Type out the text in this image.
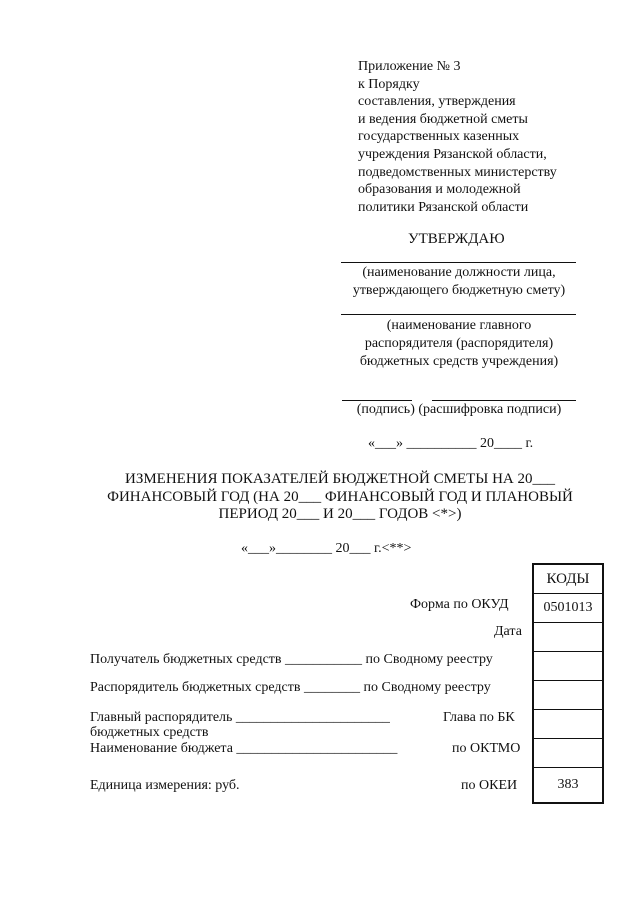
Приложение № 3
к Порядку
составления, утверждения
и ведения бюджетной сметы
государственных казенных
учреждения Рязанской области,
подведомственных министерству
образования и молодежной
политики Рязанской области
УТВЕРЖДАЮ
(наименование должности лица,
утверждающего бюджетную смету)
(наименование главного
распорядителя (распорядителя)
бюджетных средств учреждения)
(подпись) (расшифровка подписи)
«___» __________ 20____ г.
ИЗМЕНЕНИЯ ПОКАЗАТЕЛЕЙ БЮДЖЕТНОЙ СМЕТЫ НА 20___
ФИНАНСОВЫЙ ГОД (НА 20___ ФИНАНСОВЫЙ ГОД И ПЛАНОВЫЙ
ПЕРИОД 20___ И 20___ ГОДОВ <*>)
«___»________ 20___ г.<**>
КОДЫ
0501013
383
Форма по ОКУД
Дата
Получатель бюджетных средств ___________ по Сводному реестру
Распорядитель бюджетных средств ________ по Сводному реестру
Главный распорядитель ______________________
бюджетных средств
Глава по БК
Наименование бюджета _______________________	по ОКТМО
Единица измерения: руб.	по ОКЕИ
